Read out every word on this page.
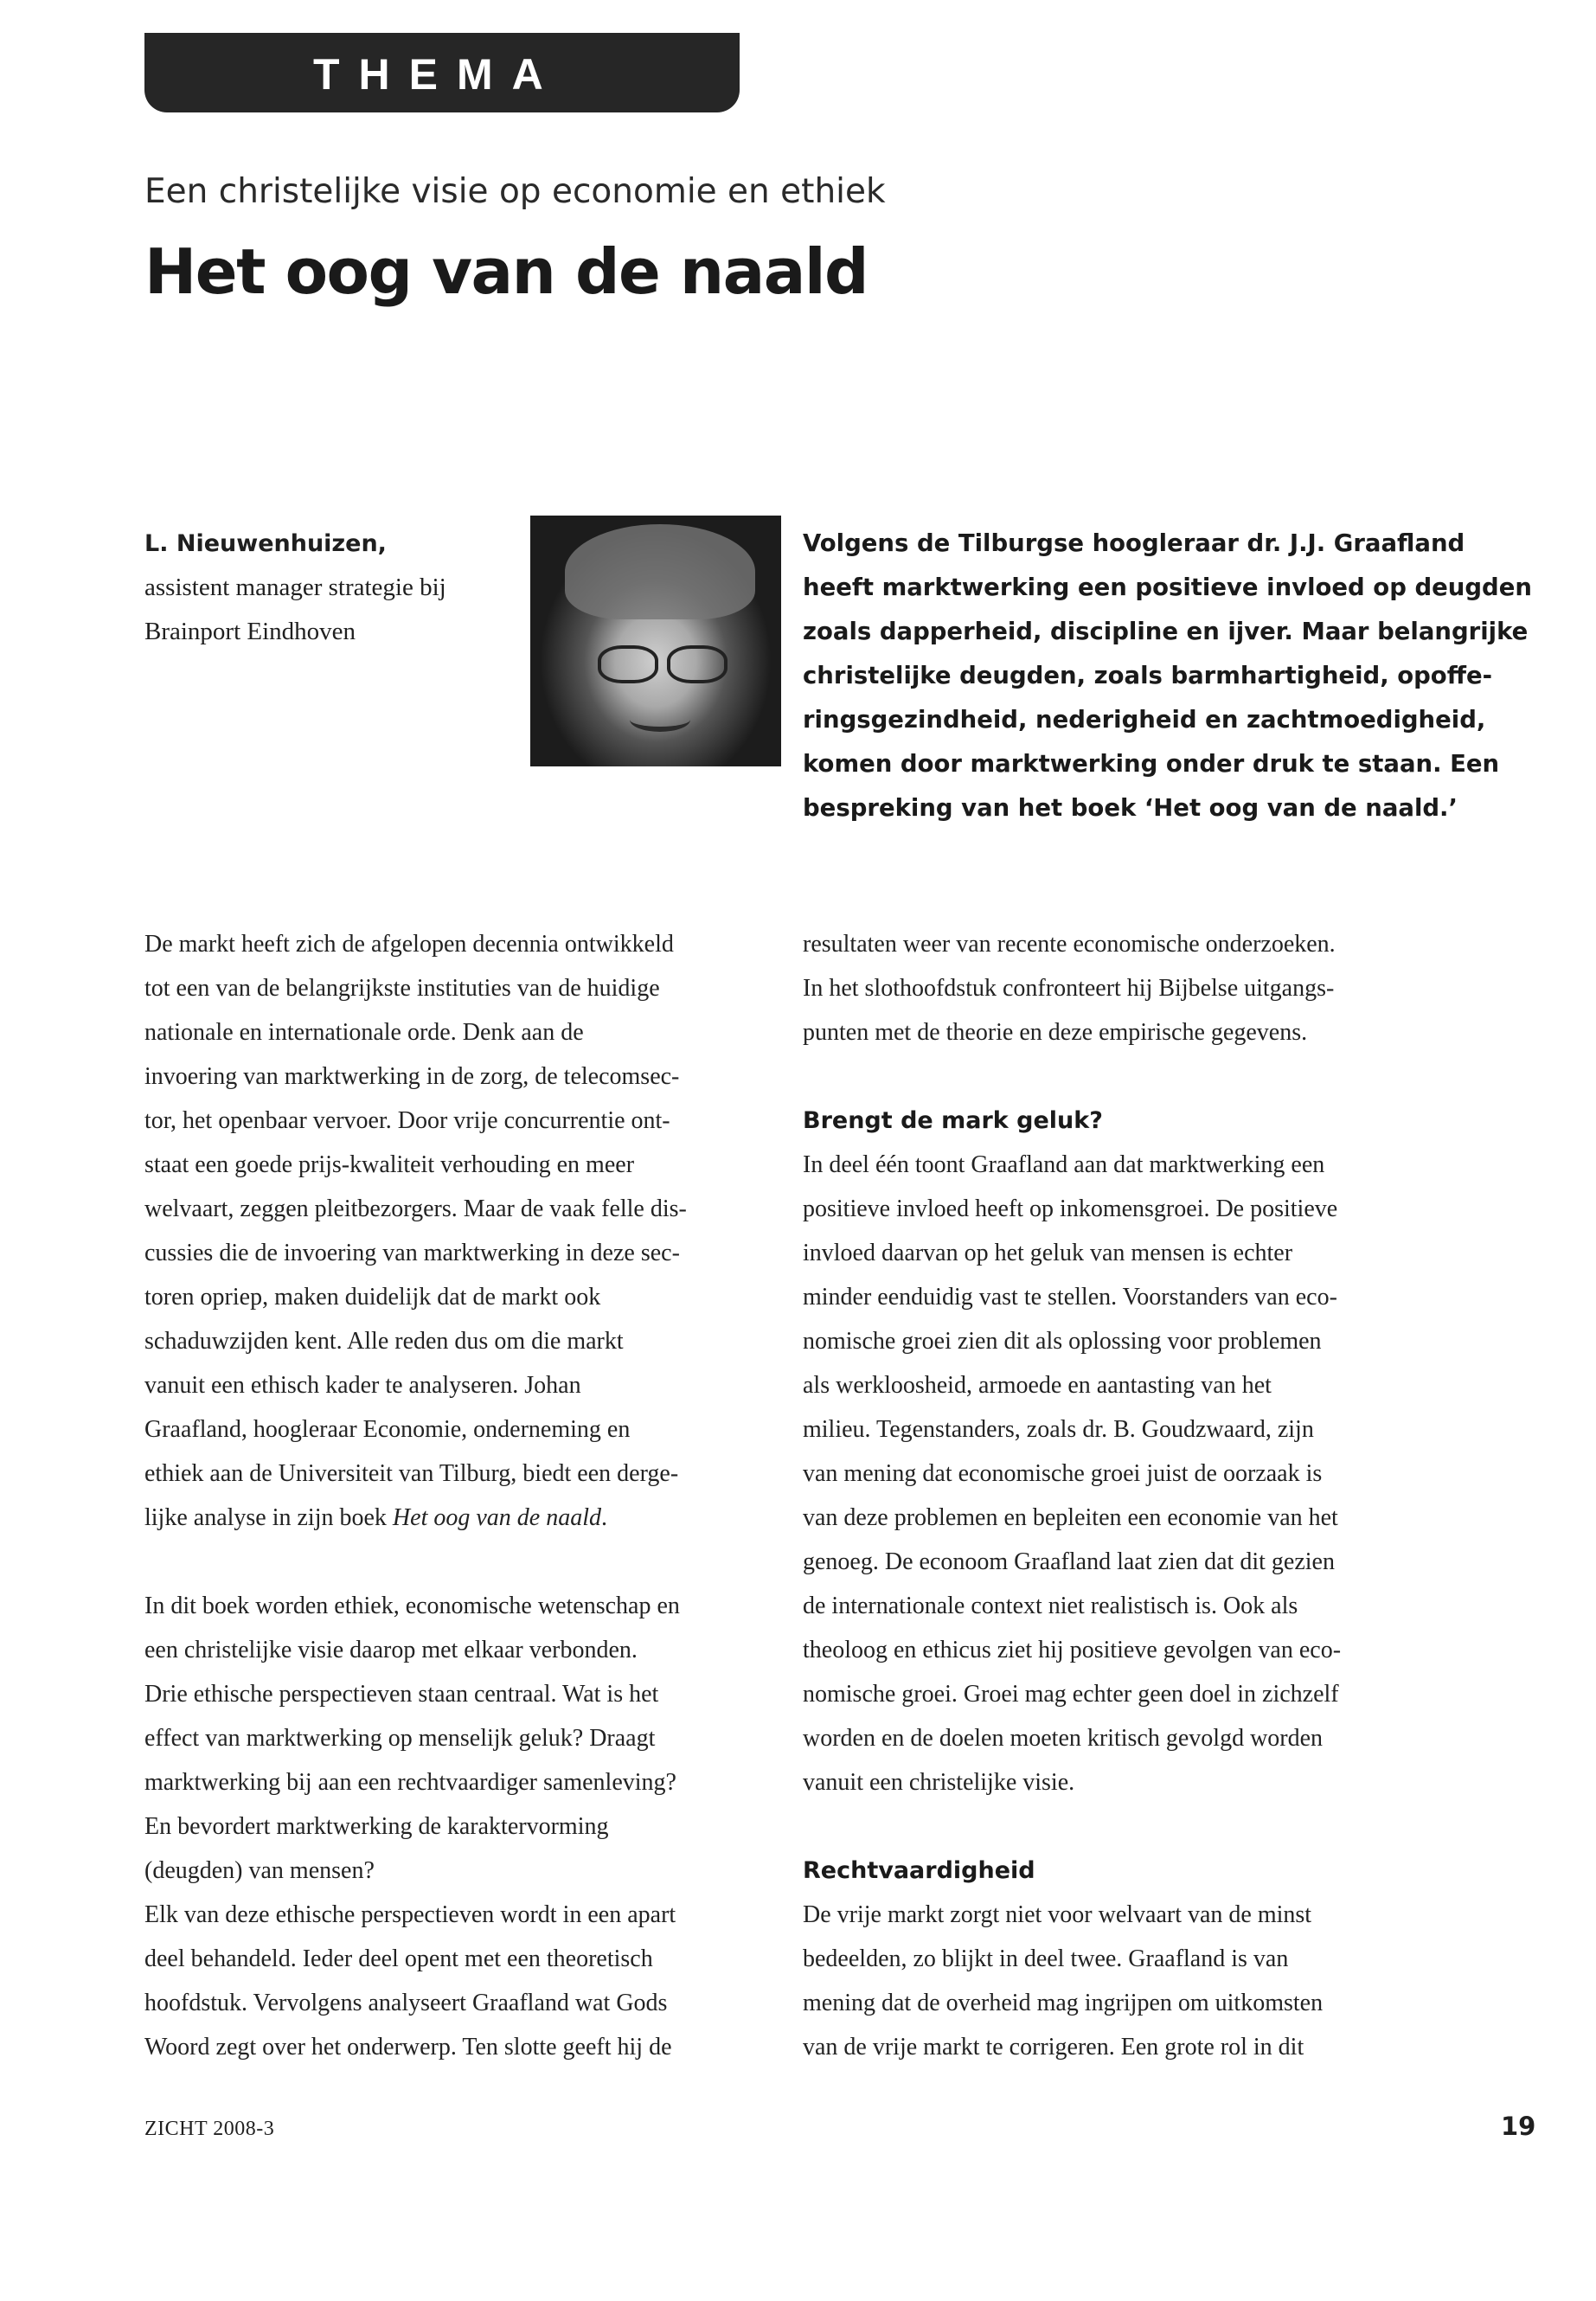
THEMA
Een christelijke visie op economie en ethiek
Het oog van de naald
L. Nieuwenhuizen,
assistent manager strategie bij
Brainport Eindhoven
Volgens de Tilburgse hoogleraar dr. J.J. Graafland
heeft marktwerking een positieve invloed op deugden
zoals dapperheid, discipline en ijver. Maar belangrijke
christelijke deugden, zoals barmhartigheid, opoffe-
ringsgezindheid, nederigheid en zachtmoedigheid,
komen door marktwerking onder druk te staan. Een
bespreking van het boek ‘Het oog van de naald.’
De markt heeft zich de afgelopen decennia ontwikkeld
tot een van de belangrijkste instituties van de huidige
nationale en internationale orde. Denk aan de
invoering van marktwerking in de zorg, de telecomsec-
tor, het openbaar vervoer. Door vrije concurrentie ont-
staat een goede prijs-kwaliteit verhouding en meer
welvaart, zeggen pleitbezorgers. Maar de vaak felle dis-
cussies die de invoering van marktwerking in deze sec-
toren opriep, maken duidelijk dat de markt ook
schaduwzijden kent. Alle reden dus om die markt
vanuit een ethisch kader te analyseren. Johan
Graafland, hoogleraar Economie, onderneming en
ethiek aan de Universiteit van Tilburg, biedt een derge-
lijke analyse in zijn boek Het oog van de naald.
In dit boek worden ethiek, economische wetenschap en
een christelijke visie daarop met elkaar verbonden.
Drie ethische perspectieven staan centraal. Wat is het
effect van marktwerking op menselijk geluk? Draagt
marktwerking bij aan een rechtvaardiger samenleving?
En bevordert marktwerking de karaktervorming
(deugden) van mensen?
Elk van deze ethische perspectieven wordt in een apart
deel behandeld. Ieder deel opent met een theoretisch
hoofdstuk. Vervolgens analyseert Graafland wat Gods
Woord zegt over het onderwerp. Ten slotte geeft hij de
resultaten weer van recente economische onderzoeken.
In het slothoofdstuk confronteert hij Bijbelse uitgangs-
punten met de theorie en deze empirische gegevens.
Brengt de mark geluk?
In deel één toont Graafland aan dat marktwerking een
positieve invloed heeft op inkomensgroei. De positieve
invloed daarvan op het geluk van mensen is echter
minder eenduidig vast te stellen. Voorstanders van eco-
nomische groei zien dit als oplossing voor problemen
als werkloosheid, armoede en aantasting van het
milieu. Tegenstanders, zoals dr. B. Goudzwaard, zijn
van mening dat economische groei juist de oorzaak is
van deze problemen en bepleiten een economie van het
genoeg. De econoom Graafland laat zien dat dit gezien
de internationale context niet realistisch is. Ook als
theoloog en ethicus ziet hij positieve gevolgen van eco-
nomische groei. Groei mag echter geen doel in zichzelf
worden en de doelen moeten kritisch gevolgd worden
vanuit een christelijke visie.
Rechtvaardigheid
De vrije markt zorgt niet voor welvaart van de minst
bedeelden, zo blijkt in deel twee. Graafland is van
mening dat de overheid mag ingrijpen om uitkomsten
van de vrije markt te corrigeren. Een grote rol in dit
ZICHT 2008-3	19
